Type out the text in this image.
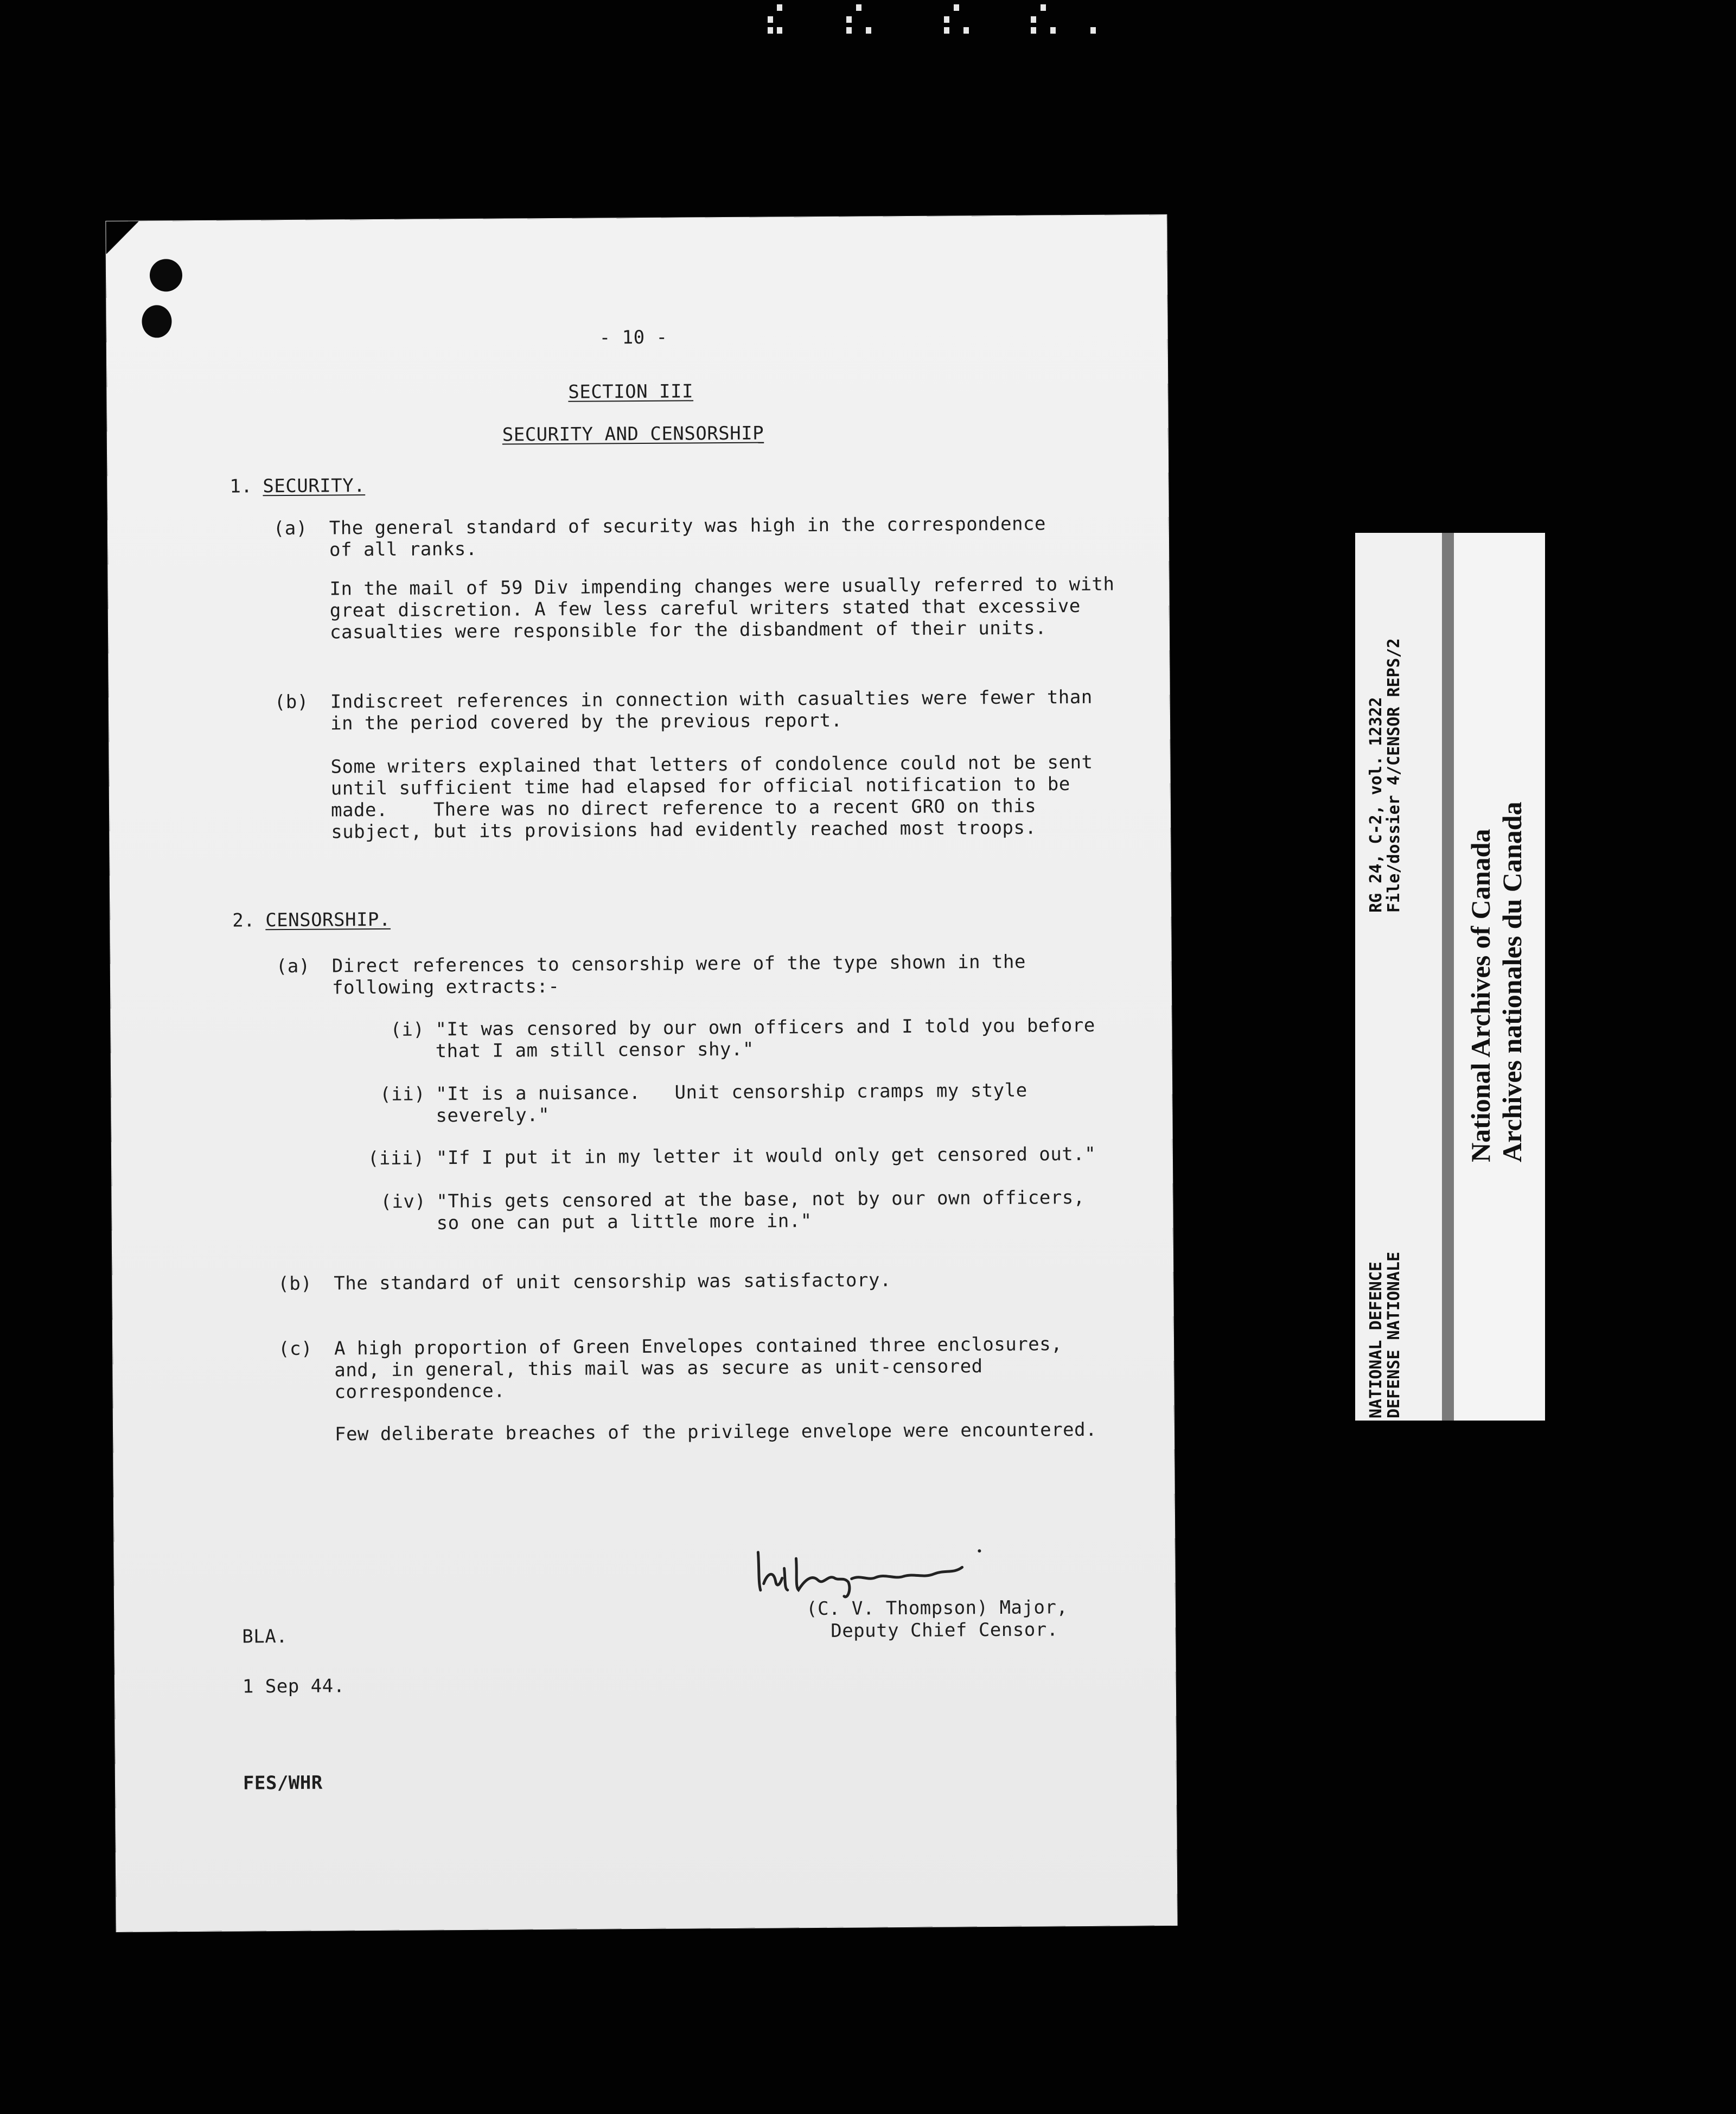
- 10 -
SECTION III
SECURITY AND CENSORSHIP
1. SECURITY.
(a) The general standard of security was high in the correspondence
of all ranks.
In the mail of 59 Div impending changes were usually referred to with
great discretion. A few less careful writers stated that excessive
casualties were responsible for the disbandment of their units.
(b) Indiscreet references in connection with casualties were fewer than
in the period covered by the previous report.
Some writers explained that letters of condolence could not be sent
until sufficient time had elapsed for official notification to be
made.    There was no direct reference to a recent GRO on this
subject, but its provisions had evidently reached most troops.
2. CENSORSHIP.
(a) Direct references to censorship were of the type shown in the
following extracts:-
(i) "It was censored by our own officers and I told you before
that I am still censor shy."
(ii) "It is a nuisance.   Unit censorship cramps my style
severely."
(iii) "If I put it in my letter it would only get censored out."
(iv) "This gets censored at the base, not by our own officers,
so one can put a little more in."
(b) The standard of unit censorship was satisfactory.
(c) A high proportion of Green Envelopes contained three enclosures,
and, in general, this mail was as secure as unit-censored
correspondence.
Few deliberate breaches of the privilege envelope were encountered.
(C. V. Thompson) Major,
Deputy Chief Censor.
BLA.
1 Sep 44.
FES/WHR
NATIONAL DEFENCE
DEFENSE NATIONALE
RG 24, C-2, vol. 12322
File/dossier 4/CENSOR REPS/2
National Archives of Canada Archives nationales du Canada
